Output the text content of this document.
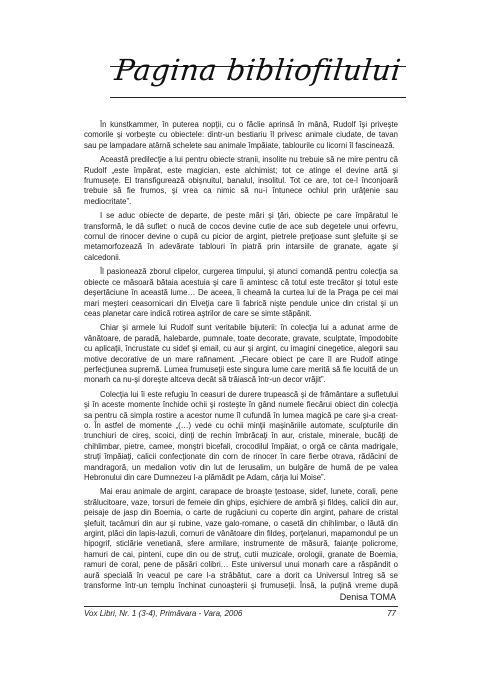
Pagina bibliofilului

În kunstkammer, în puterea nopţii, cu o făclie aprinsă în mână, Rudolf îşi priveşte comorile şi vorbeşte cu obiectele: dintr-un bestiariu îl privesc animale ciudate, de tavan sau pe lampadare atârnă schelete sau animale împăiate, tablourile cu licorni îl fascinează.

Această predilecţie a lui pentru obiecte stranii, insolite nu trebuie să ne mire pentru că Rudolf „este împărat, este magician, este alchimist; tot ce atinge el devine artă şi frumuseţe. El transfigurează obişnuitul, banalul, insolitul. Tot ce are, tot ce-l înconjoară trebuie să fie frumos, şi vrea ca nimic să nu-i întunece ochiul prin urâţenie sau mediocritate”.

I se aduc obiecte de departe, de peste mări şi ţări, obiecte pe care împăratul le transformă, le dă suflet: o nucă de cocos devine cutie de ace sub degetele unui orfevru, cornul de rinocer devine o cupă cu picior de argint, pietrele preţioase sunt şlefuite şi se metamorfozează în adevărate tablouri în piatră prin intarsiile de granate, agate şi calcedonii.

Îl pasionează zborul clipelor, curgerea timpului, şi atunci comandă pentru colecţia sa obiecte ce măsoară bătaia acestuia şi care îi amintesc că totul este trecător şi totul este deşertăciune în această lume… De aceea, îi cheamă la curtea lui de la Praga pe cei mai mari meşteri ceasornicari din Elveţia care îi fabrică nişte pendule unice din cristal şi un ceas planetar care indică rotirea aştrilor de care se simte stăpânit.

Chiar şi armele lui Rudolf sunt veritabile bijuterii: în colecţia lui a adunat arme de vânătoare, de paradă, halebarde, pumnale, toate decorate, gravate, sculptate, împodobite cu aplicaţii, încrustate cu sidef şi email, cu aur şi argint, cu imagini cinegetice, alegorii sau motive decorative de un mare rafinament. „Fiecare obiect pe care îl are Rudolf atinge perfecţiunea supremă. Lumea frumuseţii este singura lume care merită să fie locuită de un monarh ca nu-şi doreşte altceva decât să trăiască într-un decor vrăjit”.

Colecţia lui îi este refugiu în ceasuri de durere trupească şi de frământare a sufletului şi în aceste momente închide ochii şi rosteşte în gând numele fiecărui obiect din colecţia sa pentru că simpla rostire a acestor nume îl cufundă în lumea magică pe care şi-a creat-o. În astfel de momente „(…) vede cu ochii minţii maşinăriile automate, sculpturile din trunchiuri de cireş, scoici, dinţi de rechin îmbrăcaţi în aur, cristale, minerale, bucăţi de chihlimbar, pietre, camee, monştri bicefali, crocodilul împăiat, o orgă ce cânta madrigale, struţi împăiaţi, calicii confecţionate din corn de rinocer în care fierbe otrava, rădăcini de mandragoră, un medalion votiv din lut de Ierusalim, un bulgăre de humă de pe valea Hebronului din care Dumnezeu l-a plămădit pe Adam, cârja lui Moise”.

Mai erau animale de argint, carapace de broaşte ţestoase, sidef, lunete, corali, pene strălucitoare, vaze, torsuri de femeie din ghips, eşichiere de ambră şi fildeş, calicii din aur, peisaje de jasp din Boemia, o carte de rugăciuni cu coperte din argint, pahare de cristal şlefuit, tacâmuri din aur şi rubine, vaze galo-romane, o casetă din chihlimbar, o lăută din argint, plăci din lapis-lazuli, cornuri de vânătoare din fildeş, porţelanuri, mapamondul pe un hipogrif, sticlărie venetiană, sfere armilare, instrumente de măsură, faianţe policrome, hamuri de cai, pinteni, cupe din ou de struţ, cutii muzicale, orologii, granate de Boemia, ramuri de coral, pene de păsări colibri… Este universul unui monarh care a răspândit o aură specială în veacul pe care l-a străbătut, care a dorit ca Universul întreg să se transforme într-un templu închinat cunoaşterii şi frumuseţii. Însă, la puţină vreme după

Denisa TOMA
Vox Libri, Nr. 1 (3-4), Primăvara - Vara, 2006	77
